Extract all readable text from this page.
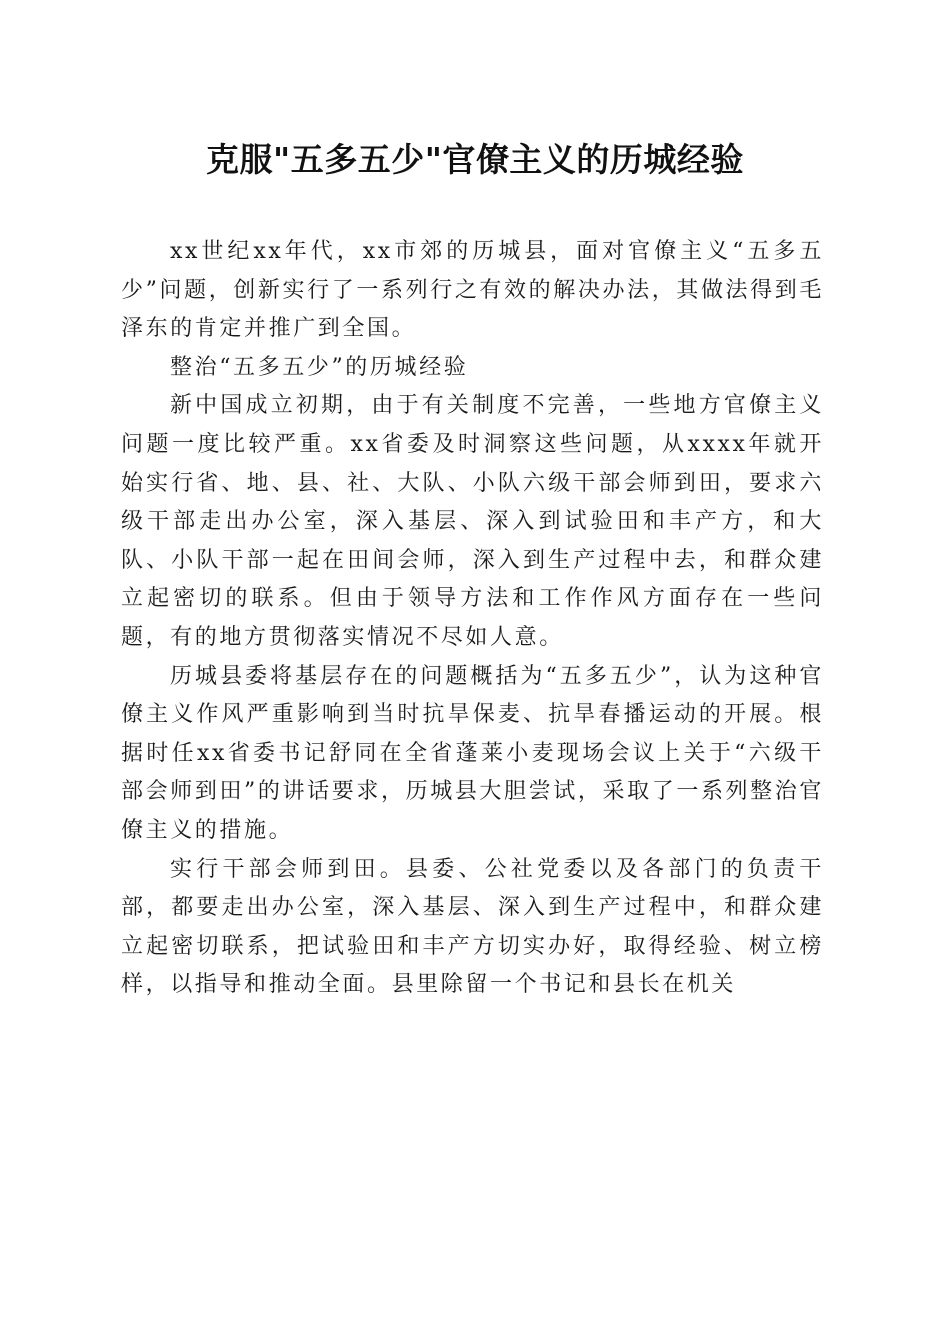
克服"五多五少"官僚主义的历城经验

xx世纪xx年代，xx市郊的历城县，面对官僚主义“五多五少”问题，创新实行了一系列行之有效的解决办法，其做法得到毛泽东的肯定并推广到全国。

整治“五多五少”的历城经验

新中国成立初期，由于有关制度不完善，一些地方官僚主义问题一度比较严重。xx省委及时洞察这些问题，从xxxx年就开始实行省、地、县、社、大队、小队六级干部会师到田，要求六级干部走出办公室，深入基层、深入到试验田和丰产方，和大队、小队干部一起在田间会师，深入到生产过程中去，和群众建立起密切的联系。但由于领导方法和工作作风方面存在一些问题，有的地方贯彻落实情况不尽如人意。

历城县委将基层存在的问题概括为“五多五少”，认为这种官僚主义作风严重影响到当时抗旱保麦、抗旱春播运动的开展。根据时任xx省委书记舒同在全省蓬莱小麦现场会议上关于“六级干部会师到田”的讲话要求，历城县大胆尝试，采取了一系列整治官僚主义的措施。

实行干部会师到田。县委、公社党委以及各部门的负责干部，都要走出办公室，深入基层、深入到生产过程中，和群众建立起密切联系，把试验田和丰产方切实办好，取得经验、树立榜样，以指导和推动全面。县里除留一个书记和县长在机关
